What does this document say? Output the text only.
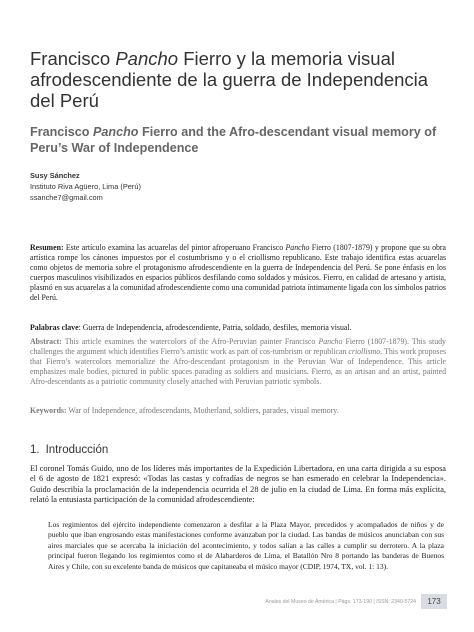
Francisco Pancho Fierro y la memoria visual afrodescendiente de la guerra de Independencia del Perú
Francisco Pancho Fierro and the Afro-descendant visual memory of Peru’s War of Independence
Susy Sánchez
Instituto Riva Agüero, Lima (Perú)
ssanche7@gmail.com
Resumen: Este artículo examina las acuarelas del pintor afroperuano Francisco Pancho Fierro (1807-1879) y propone que su obra artística rompe los cánones impuestos por el costumbrismo y o el criollismo republicano. Este trabajo identifica estas acuarelas como objetos de memoria sobre el protagonismo afrodescendiente en la guerra de Independencia del Perú. Se pone énfasis en los cuerpos masculinos visibilizados en espacios públicos desfilando como soldados y músicos. Fierro, en calidad de artesano y artista, plasmó en sus acuarelas a la comunidad afrodescendiente como una comunidad patriota íntimamente ligada con los símbolos patrios del Perú.
Palabras clave: Guerra de Independencia, afrodescendiente, Patria, soldado, desfiles, memoria visual.
Abstract: This article examines the watercolors of the Afro-Peruvian painter Francisco Pancho Fierro (1807-1879). This study challenges the argument which identifies Fierro’s artistic work as part of cos-tumbrism or republican criollismo. This work proposes that Fierro’s watercolors memorialize the Afro-descendant protagonism in the Peruvian War of Independence. This article emphasizes male bodies, pictured in public spaces parading as soldiers and musicians. Fierro, as an artisan and an artist, painted Afro-descendants as a patriotic community closely attached with Peruvian patriotic symbols.
Keywords: War of Independence, afrodescendants, Motherland, soldiers, parades, visual memory.
1. Introducción
El coronel Tomás Guido, uno de los líderes más importantes de la Expedición Libertadora, en una carta dirigida a su esposa el 6 de agosto de 1821 expresó: «Todas las castas y cofradías de negros se han esmerado en celebrar la Independencia». Guido describía la proclamación de la independencia ocurrida el 28 de julio en la ciudad de Lima. En forma más explícita, relató la entusiasta participación de la comunidad afrodescendiente:
Los regimientos del ejército independiente comenzaron a desfilar a la Plaza Mayor, precedidos y acompañados de niños y de pueblo que iban engrosando estas manifestaciones conforme avanzaban por la ciudad. Las bandas de músicos anunciaban con sus aires marciales que se acercaba la iniciación del acontecimiento, y todos salían a las calles a cumplir su derrotero. A la plaza principal fueron llegando los regimientos como el de Alabarderos de Lima, el Batallón Nro 8 portando las banderas de Buenos Aires y Chile, con su excelente banda de músicos que capitaneaba el músico mayor (CDIP, 1974, TX, vol. 1: 13).
Anales del Museo de América | Págs. 173-190 | ISSN: 2340-5724	173
